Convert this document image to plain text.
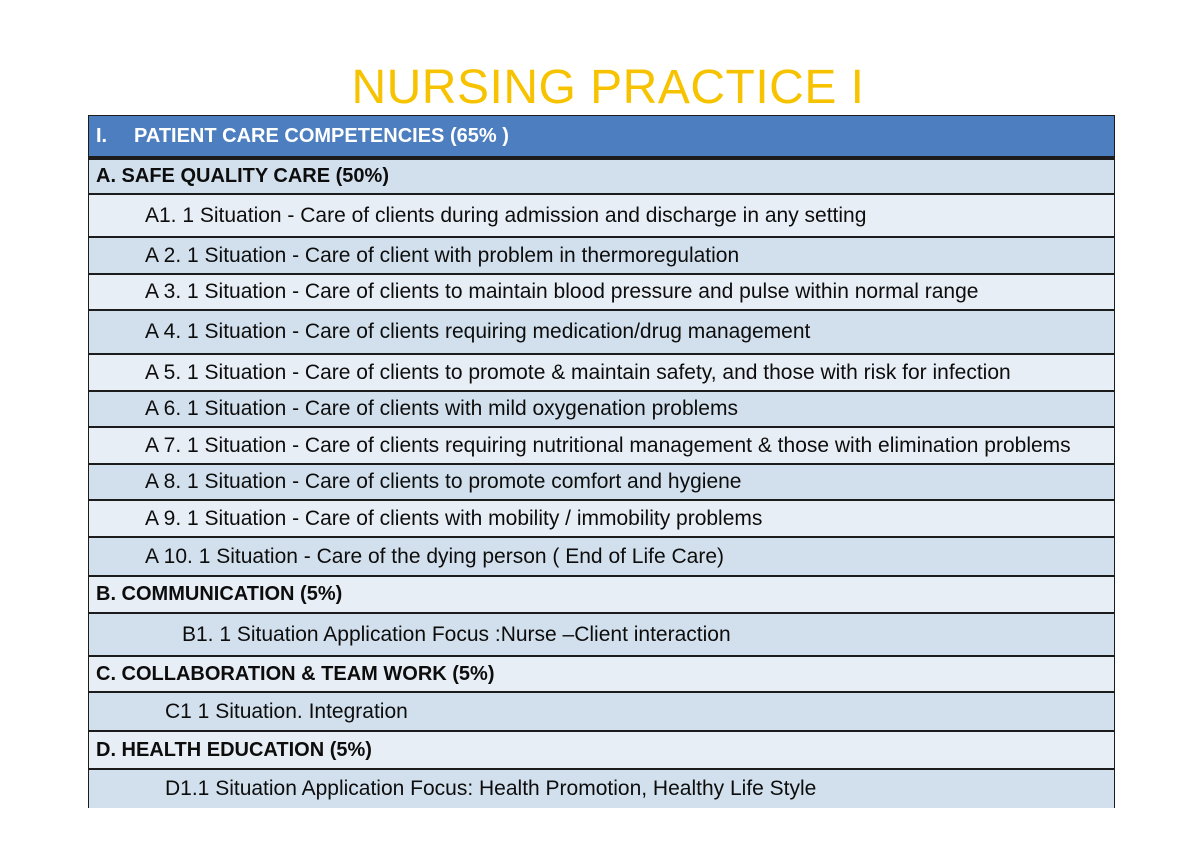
NURSING PRACTICE I
I.	PATIENT CARE COMPETENCIES (65% )
A. SAFE QUALITY CARE (50%)
A1. 1 Situation - Care of clients during admission and discharge in any setting
A 2. 1 Situation - Care of client with problem in thermoregulation
A 3. 1 Situation - Care of clients to maintain blood pressure and pulse within normal range
A 4. 1 Situation - Care of clients requiring medication/drug management
A 5. 1 Situation - Care of clients to promote & maintain safety, and those with risk for infection
A 6. 1 Situation - Care of clients with mild oxygenation problems
A 7. 1 Situation - Care of clients requiring nutritional management & those with elimination problems
A 8. 1 Situation - Care of clients to promote comfort and hygiene
A 9. 1 Situation - Care of clients with mobility / immobility problems
A 10. 1 Situation - Care of the dying person ( End of Life Care)
B. COMMUNICATION (5%)
B1. 1 Situation Application Focus :Nurse –Client interaction
C. COLLABORATION & TEAM WORK (5%)
C1 1 Situation. Integration
D. HEALTH EDUCATION (5%)
D1.1 Situation Application Focus: Health Promotion, Healthy Life Style
